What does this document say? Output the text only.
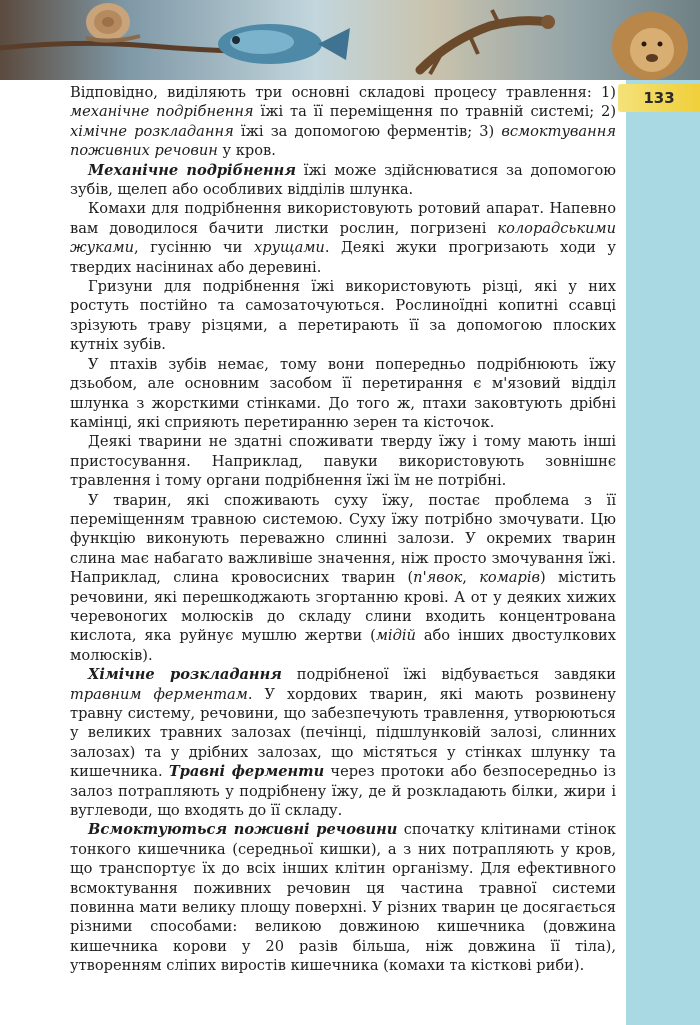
133

Відповідно, виділяють три основні складові процесу травлення: 1) механічне подрібнення їжі та її переміщення по травній системі; 2) хімічне розкладання їжі за допомогою ферментів; 3) всмоктування поживних речовин у кров.

Механічне подрібнення їжі може здійснюватися за допомогою зубів, щелеп або особливих відділів шлунка.

Комахи для подрібнення використовують ротовий апарат. Напевно вам доводилося бачити листки рослин, погризені колорадськими жуками, гусінню чи хрущами. Деякі жуки прогризають ходи у твердих насінинах або деревині.

Гризуни для подрібнення їжі використовують різці, які у них ростуть постійно та самозаточуються. Рослиноїдні копитні ссавці зрізують траву різцями, а перетирають її за допомогою плоских кутніх зубів.

У птахів зубів немає, тому вони попередньо подрібнюють їжу дзьобом, але основним засобом її перетирання є м'язовий відділ шлунка з жорсткими стінками. До того ж, птахи заковтують дрібні камінці, які сприяють перетиранню зерен та кісточок.

Деякі тварини не здатні споживати тверду їжу і тому мають інші пристосування. Наприклад, павуки використовують зовнішнє травлення і тому органи подрібнення їжі їм не потрібні.

У тварин, які споживають суху їжу, постає проблема з її переміщенням травною системою. Суху їжу потрібно змочувати. Цю функцію виконують переважно слинні залози. У окремих тварин слина має набагато важливіше значення, ніж просто змочування їжі. Наприклад, слина кровосисних тварин (п'явок, комарів) містить речовини, які перешкоджають згортанню крові. А от у деяких хижих черевоногих молюсків до складу слини входить концентрована кислота, яка руйнує мушлю жертви (мідій або інших двостулкових молюсків).

Хімічне розкладання подрібненої їжі відбувається завдяки травним ферментам. У хордових тварин, які мають розвинену травну систему, речовини, що забезпечують травлення, утворюються у великих травних залозах (печінці, підшлунковій залозі, слинних залозах) та у дрібних залозах, що містяться у стінках шлунку та кишечника. Травні ферменти через протоки або безпосередньо із залоз потрапляють у подрібнену їжу, де й розкладають білки, жири і вуглеводи, що входять до її складу.

Всмоктуються поживні речовини спочатку клітинами стінок тонкого кишечника (середньої кишки), а з них потрапляють у кров, що транспортує їх до всіх інших клітин організму. Для ефективного всмоктування поживних речовин ця частина травної системи повинна мати велику площу поверхні. У різних тварин це досягається різними способами: великою довжиною кишечника (довжина кишечника корови у 20 разів більша, ніж довжина її тіла), утворенням сліпих виростів кишечника (комахи та кісткові риби).
